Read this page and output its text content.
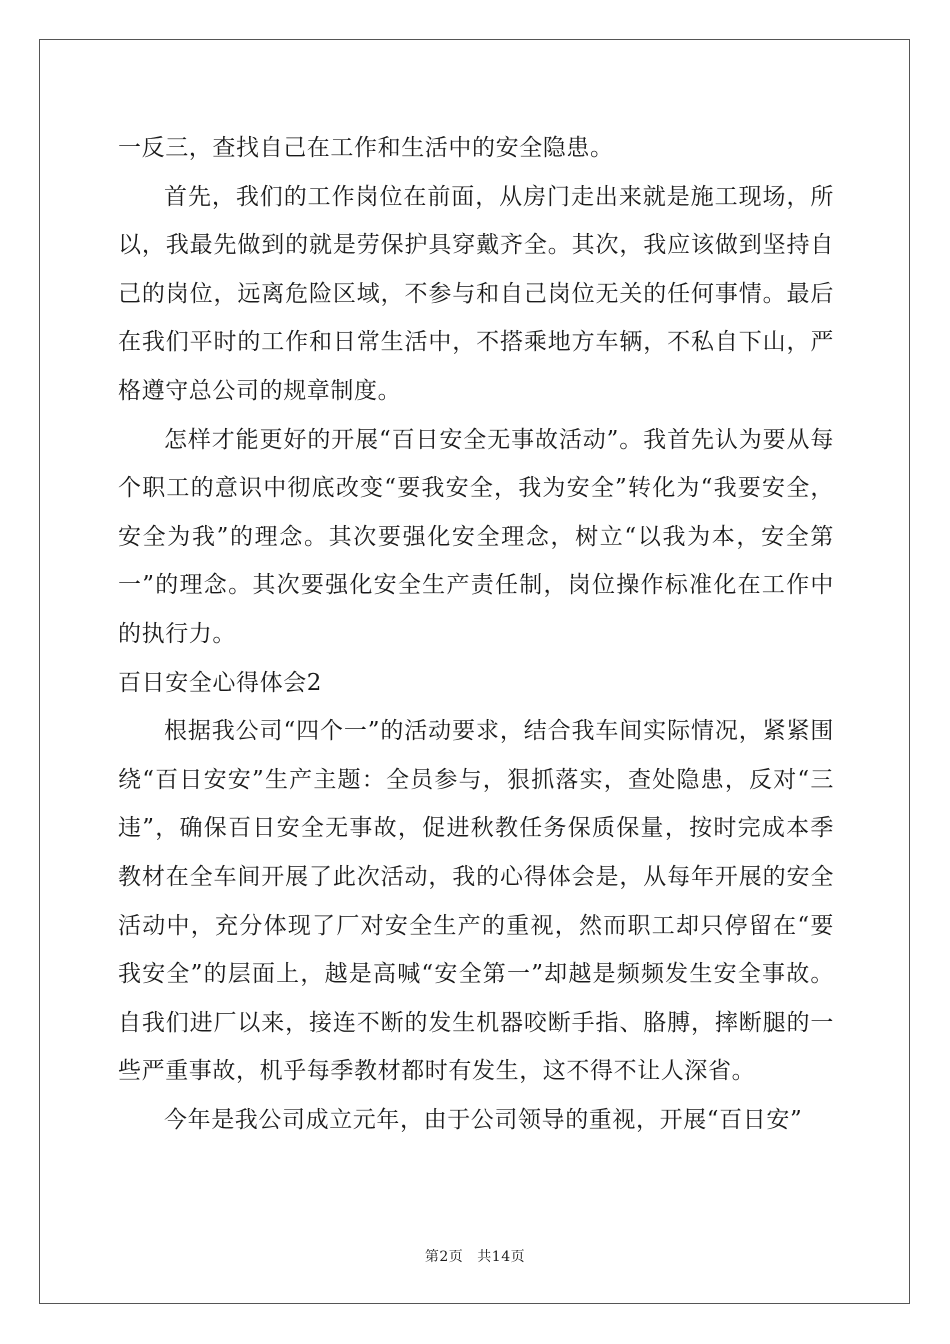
一反三，查找自己在工作和生活中的安全隐患。

首先，我们的工作岗位在前面，从房门走出来就是施工现场，所以，我最先做到的就是劳保护具穿戴齐全。其次，我应该做到坚持自己的岗位，远离危险区域，不参与和自己岗位无关的任何事情。最后在我们平时的工作和日常生活中，不搭乘地方车辆，不私自下山，严格遵守总公司的规章制度。

怎样才能更好的开展“百日安全无事故活动”。我首先认为要从每个职工的意识中彻底改变“要我安全，我为安全”转化为“我要安全，安全为我”的理念。其次要强化安全理念，树立“以我为本，安全第一”的理念。其次要强化安全生产责任制，岗位操作标准化在工作中的执行力。

百日安全心得体会2

根据我公司“四个一”的活动要求，结合我车间实际情况，紧紧围绕“百日安安”生产主题：全员参与，狠抓落实，查处隐患，反对“三违”，确保百日安全无事故，促进秋教任务保质保量，按时完成本季教材在全车间开展了此次活动，我的心得体会是，从每年开展的安全活动中，充分体现了厂对安全生产的重视，然而职工却只停留在“要我安全”的层面上，越是高喊“安全第一”却越是频频发生安全事故。自我们进厂以来，接连不断的发生机器咬断手指、胳膊，摔断腿的一些严重事故，机乎每季教材都时有发生，这不得不让人深省。

今年是我公司成立元年，由于公司领导的重视，开展“百日安”

第2页 共14页
